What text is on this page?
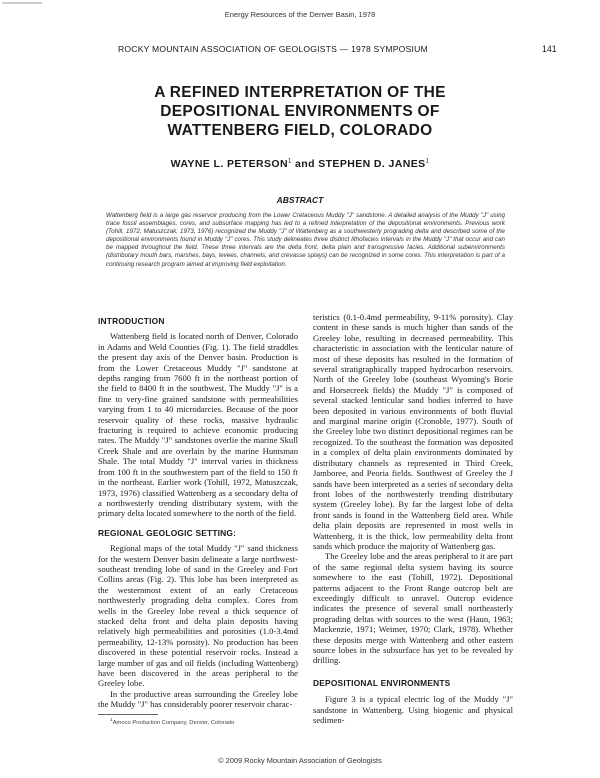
Energy Resources of the Denver Basin, 1978
ROCKY MOUNTAIN ASSOCIATION OF GEOLOGISTS — 1978 SYMPOSIUM	141
A REFINED INTERPRETATION OF THE
DEPOSITIONAL ENVIRONMENTS OF
WATTENBERG FIELD, COLORADO
WAYNE L. PETERSON$^1$ and STEPHEN D. JANES$^1$
ABSTRACT
Wattenberg field is a large gas reservoir producing from the Lower Cretaceous Muddy "J" sandstone. A detailed analysis of the Muddy "J" using trace fossil assemblages, cores, and subsurface mapping has led to a refined interpretation of the depositional environments. Previous work (Tohill, 1972, Matuszczak, 1973, 1976) recognized the Muddy "J" of Wattenberg as a southwesterly prograding delta and described some of the depositional environments found in Muddy "J" cores. This study delineates three distinct lithofacies intervals in the Muddy "J" that occur and can be mapped throughout the field. These three intervals are the delta front, delta plain and transgressive facies. Additional subenvironments (distributary mouth bars, marshes, bays, levees, channels, and crevasse splays) can be recognized in some cores. This interpretation is part of a continuing research program aimed at improving field exploitation.
INTRODUCTION

Wattenberg field is located north of Denver, Colorado in Adams and Weld Counties (Fig. 1). The field straddles the present day axis of the Denver basin. Production is from the Lower Cretaceous Muddy "J" sandstone at depths ranging from 7600 ft in the northeast portion of the field to 8400 ft in the southwest. The Muddy "J" is a fine to very-fine grained sandstone with permeabilities varying from 1 to 40 microdarcies. Because of the poor reservoir quality of these rocks, massive hydraulic fracturing is required to achieve economic producing rates. The Muddy "J" sandstones overlie the marine Skull Creek Shale and are overlain by the marine Huntsman Shale. The total Muddy "J" interval varies in thickness from 100 ft in the southwestern part of the field to 150 ft in the northeast. Earlier work (Tohill, 1972, Matuszczak, 1973, 1976) classified Wattenberg as a secondary delta of a northwesterly trending distributary system, with the primary delta located somewhere to the north of the field.

REGIONAL GEOLOGIC SETTING:

Regional maps of the total Muddy "J" sand thickness for the western Denver basin delineate a large northwest-southeast trending lobe of sand in the Greeley and Fort Collins areas (Fig. 2). This lobe has been interpreted as the westernmost extent of an early Cretaceous northwesterly prograding delta complex. Cores from wells in the Greeley lobe reveal a thick sequence of stacked delta front and delta plain deposits having relatively high permeabilities and porosities (1.0-3.4md permeability, 12-13% porosity). No production has been discovered in these potential reservoir rocks. Instead a large number of gas and oil fields (including Wattenberg) have been discovered in the areas peripheral to the Greeley lobe.

In the productive areas surrounding the Greeley lobe the Muddy "J" has considerably poorer reservoir charac-

teristics (0.1-0.4md permeability, 9-11% porosity). Clay content in these sands is much higher than sands of the Greeley lobe, resulting in decreased permeability. This characteristic in association with the lenticular nature of most of these deposits has resulted in the formation of several stratigraphically trapped hydrocarbon reservoirs. North of the Greeley lobe (southeast Wyoming's Borie and Horsecreek fields) the Muddy "J" is composed of several stacked lenticular sand bodies inferred to have been deposited in various environments of both fluvial and marginal marine origin (Cronoble, 1977). South of the Greeley lobe two distinct depositional regimes can be recognized. To the southeast the formation was deposited in a complex of delta plain environments dominated by distributary channels as represented in Third Creek, Jamboree, and Peoria fields. Southwest of Greeley the J sands have been interpreted as a series of secondary delta front lobes of the northwesterly trending distributary system (Greeley lobe). By far the largest lobe of delta front sands is found in the Wattenberg field area. While delta plain deposits are represented in most wells in Wattenberg, it is the thick, low permeability delta front sands which produce the majority of Wattenberg gas.

The Greeley lobe and the areas peripheral to it are part of the same regional delta system having its source somewhere to the east (Tohill, 1972). Depositional patterns adjacent to the Front Range outcrop belt are exceedingly difficult to unravel. Outcrop evidence indicates the presence of several small northeasterly prograding deltas with sources to the west (Haun, 1963; Mackenzie, 1971; Weimer, 1970; Clark, 1978). Whether these deposits merge with Wattenberg and other eastern source lobes in the subsurface has yet to be revealed by drilling.

DEPOSITIONAL ENVIRONMENTS

Figure 3 is a typical electric log of the Muddy "J" sandstone in Wattenberg. Using biogenic and physical sedimen-

$^1$Amoco Production Company, Denver, Colorado
© 2009 Rocky Mountain Association of Geologists
